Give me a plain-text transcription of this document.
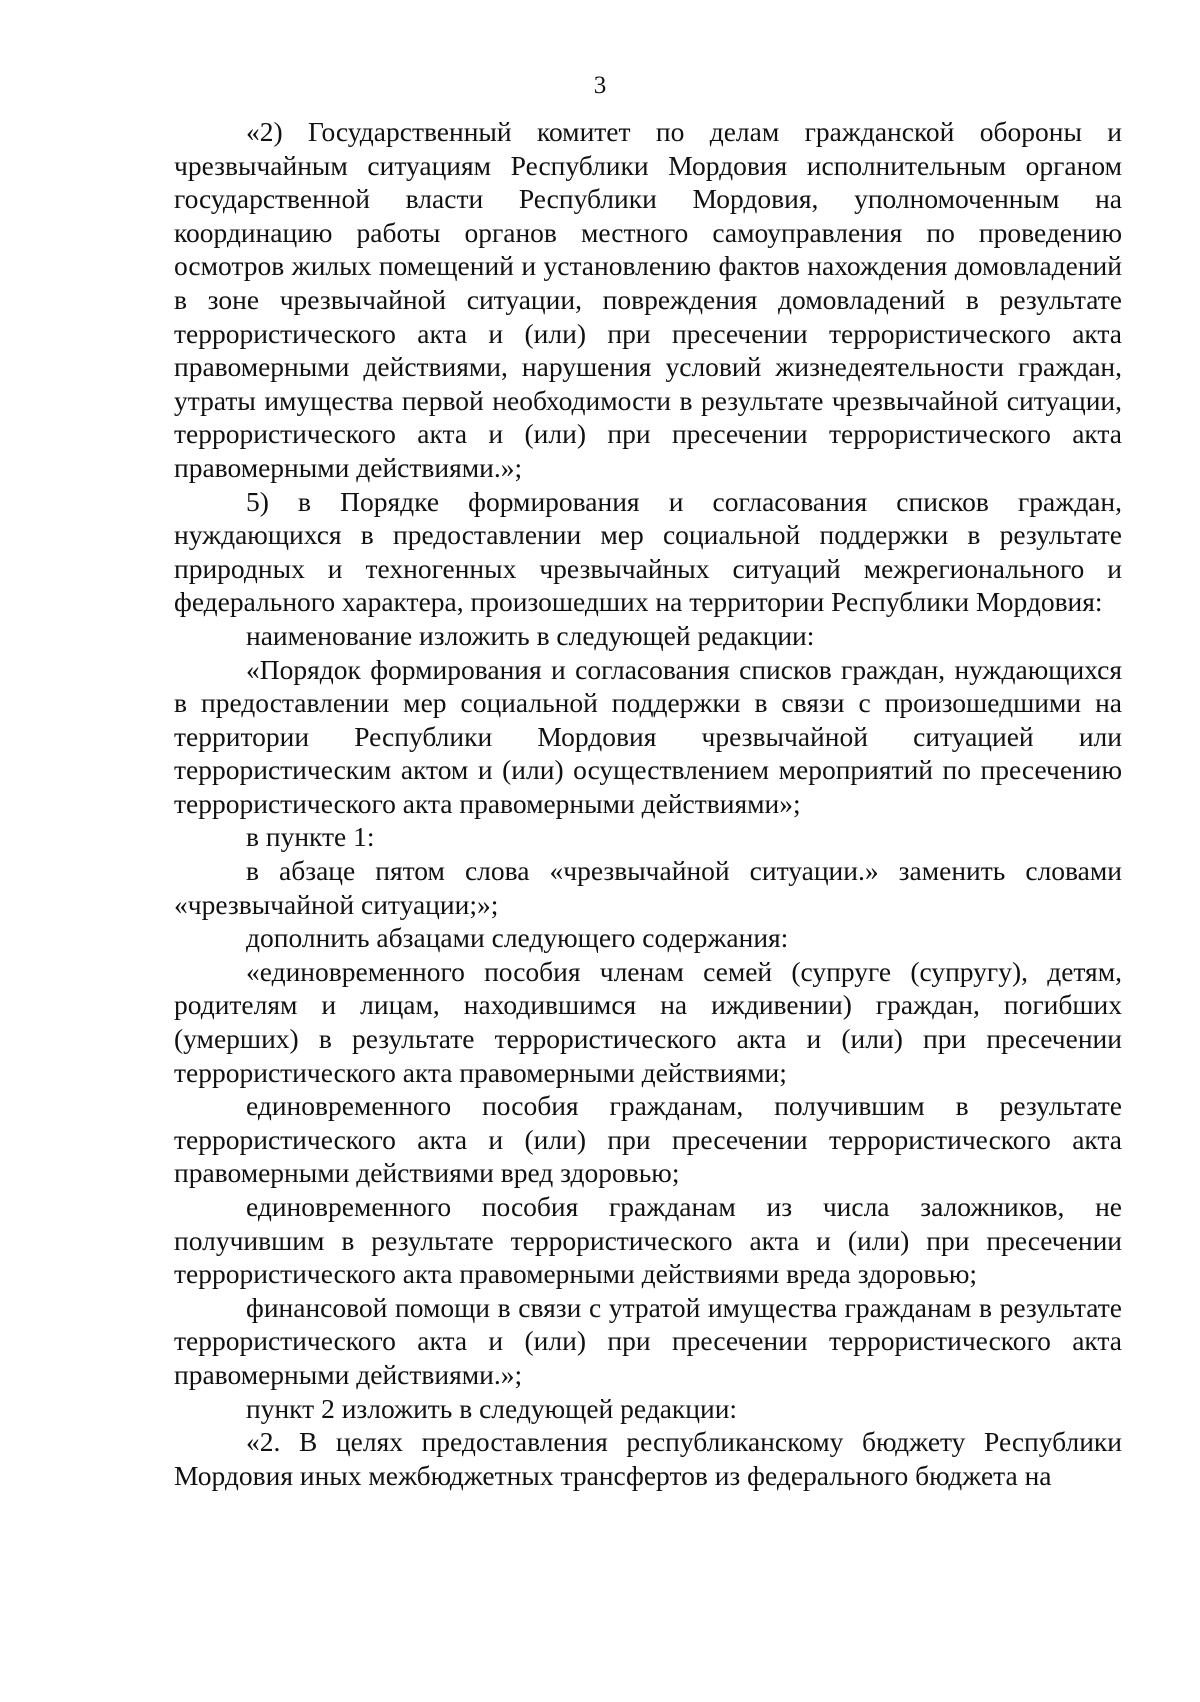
3

«2) Государственный комитет по делам гражданской обороны и чрезвычайным ситуациям Республики Мордовия исполнительным органом государственной власти Республики Мордовия, уполномоченным на координацию работы органов местного самоуправления по проведению осмотров жилых помещений и установлению фактов нахождения домовладений в зоне чрезвычайной ситуации, повреждения домовладений в результате террористического акта и (или) при пресечении террористического акта правомерными действиями, нарушения условий жизнедеятельности граждан, утраты имущества первой необходимости в результате чрезвычайной ситуации, террористического акта и (или) при пресечении террористического акта правомерными действиями.»;

5) в Порядке формирования и согласования списков граждан, нуждающихся в предоставлении мер социальной поддержки в результате природных и техногенных чрезвычайных ситуаций межрегионального и федерального характера, произошедших на территории Республики Мордовия:

наименование изложить в следующей редакции:

«Порядок формирования и согласования списков граждан, нуждающихся в предоставлении мер социальной поддержки в связи с произошедшими на территории Республики Мордовия чрезвычайной ситуацией или террористическим актом и (или) осуществлением мероприятий по пресечению террористического акта правомерными действиями»;

в пункте 1:

в абзаце пятом слова «чрезвычайной ситуации.» заменить словами «чрезвычайной ситуации;»;

дополнить абзацами следующего содержания:

«единовременного пособия членам семей (супруге (супругу), детям, родителям и лицам, находившимся на иждивении) граждан, погибших (умерших) в результате террористического акта и (или) при пресечении террористического акта правомерными действиями;

единовременного пособия гражданам, получившим в результате террористического акта и (или) при пресечении террористического акта правомерными действиями вред здоровью;

единовременного пособия гражданам из числа заложников, не получившим в результате террористического акта и (или) при пресечении террористического акта правомерными действиями вреда здоровью;

финансовой помощи в связи с утратой имущества гражданам в результате террористического акта и (или) при пресечении террористического акта правомерными действиями.»;

пункт 2 изложить в следующей редакции:

«2. В целях предоставления республиканскому бюджету Республики Мордовия иных межбюджетных трансфертов из федерального бюджета на
